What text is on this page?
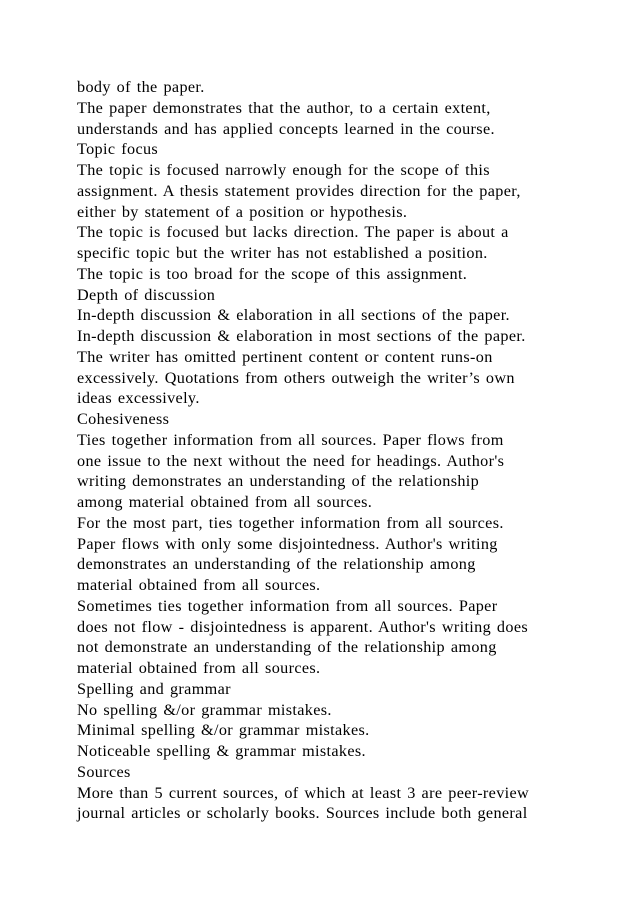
body of the paper.
The paper demonstrates that the author, to a certain extent,
understands and has applied concepts learned in the course.
Topic focus
The topic is focused narrowly enough for the scope of this
assignment. A thesis statement provides direction for the paper,
either by statement of a position or hypothesis.
The topic is focused but lacks direction. The paper is about a
specific topic but the writer has not established a position.
The topic is too broad for the scope of this assignment.
Depth of discussion
In-depth discussion & elaboration in all sections of the paper.
In-depth discussion & elaboration in most sections of the paper.
The writer has omitted pertinent content or content runs-on
excessively. Quotations from others outweigh the writer’s own
ideas excessively.
Cohesiveness
Ties together information from all sources. Paper flows from
one issue to the next without the need for headings. Author's
writing demonstrates an understanding of the relationship
among material obtained from all sources.
For the most part, ties together information from all sources.
Paper flows with only some disjointedness. Author's writing
demonstrates an understanding of the relationship among
material obtained from all sources.
Sometimes ties together information from all sources. Paper
does not flow - disjointedness is apparent. Author's writing does
not demonstrate an understanding of the relationship among
material obtained from all sources.
Spelling and grammar
No spelling &/or grammar mistakes.
Minimal spelling &/or grammar mistakes.
Noticeable spelling & grammar mistakes.
Sources
More than 5 current sources, of which at least 3 are peer-review
journal articles or scholarly books. Sources include both general
